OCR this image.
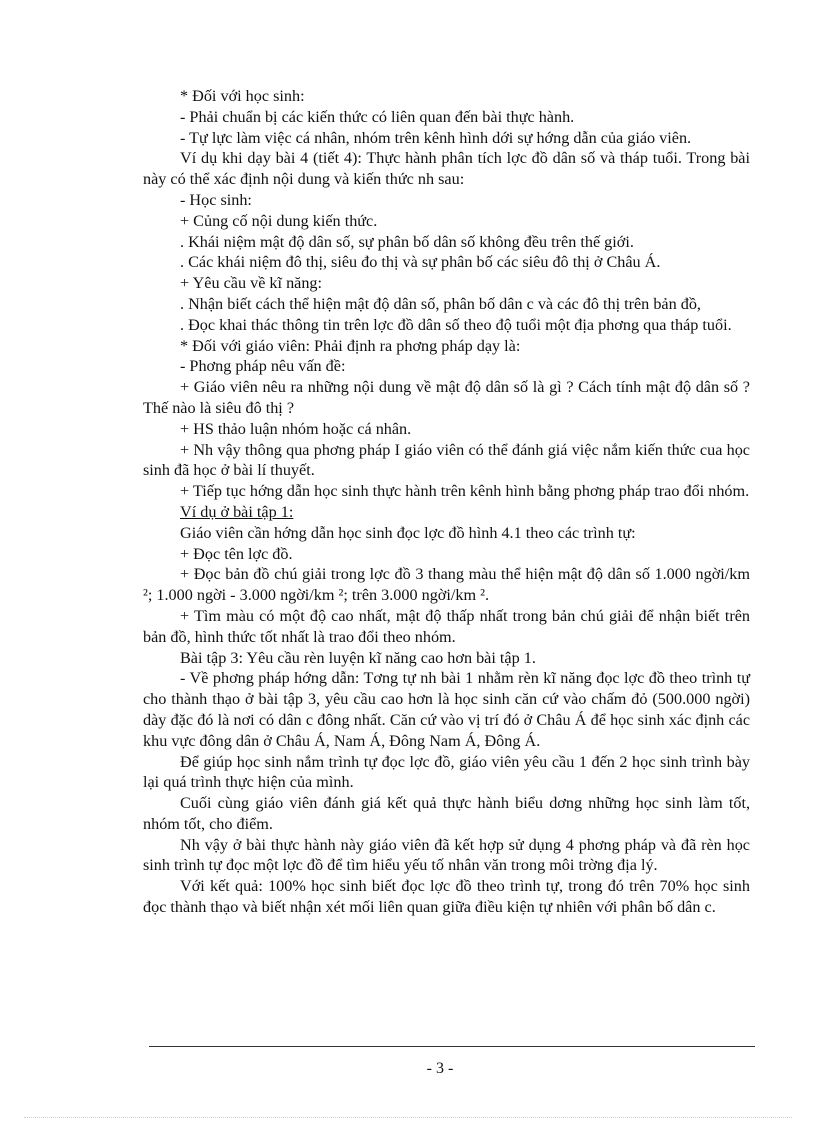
* Đối với học sinh:

- Phải chuẩn bị các kiến thức có liên quan đến bài thực hành.

- Tự lực làm việc cá nhân, nhóm trên kênh hình dới sự hớng dẫn của giáo viên.

Ví dụ khi dạy bài 4 (tiết 4): Thực hành phân tích lợc đồ dân số và tháp tuổi. Trong bài này có thể xác định nội dung và kiến thức nh sau:

- Học sinh:

+ Củng cố nội dung kiến thức.

. Khái niệm mật độ dân số, sự phân bố dân số không đều trên thế giới.

. Các khái niệm đô thị, siêu đo thị và sự phân bố các siêu đô thị ở Châu Á.

+ Yêu cầu về kĩ năng:

. Nhận biết cách thể hiện mật độ dân số, phân bố dân c và các đô thị trên bản đồ,

. Đọc khai thác thông tin trên lợc đồ dân số theo độ tuổi một địa phơng qua tháp tuổi.

* Đối với giáo viên: Phải định ra phơng pháp dạy là:

- Phơng pháp nêu vấn đề:

+ Giáo viên nêu ra những nội dung về mật độ dân số là gì ? Cách tính mật độ dân số ? Thế nào là siêu đô thị ?

+ HS thảo luận nhóm hoặc cá nhân.

+ Nh vậy thông qua phơng pháp I giáo viên có thể đánh giá việc nắm kiến thức cua học sinh đã học ở bài lí thuyết.

+ Tiếp tục hớng dẫn học sinh thực hành trên kênh hình bằng phơng pháp trao đổi nhóm.

Ví dụ ở bài tập 1:

Giáo viên cần hớng dẫn học sinh đọc lợc đồ hình 4.1 theo các trình tự:

+ Đọc tên lợc đồ.

+ Đọc bản đồ chú giải trong lợc đồ 3 thang màu thể hiện mật độ dân số 1.000 ngời/km ²; 1.000 ngời - 3.000 ngời/km ²; trên 3.000 ngời/km ².

+ Tìm màu có một độ cao nhất, mật độ thấp nhất trong bản chú giải để nhận biết trên bản đồ, hình thức tốt nhất là trao đổi theo nhóm.

Bài tập 3: Yêu cầu rèn luyện kĩ năng cao hơn bài tập 1.

- Về phơng pháp hớng dẫn: Tơng tự nh bài 1 nhằm rèn kĩ năng đọc lợc đồ theo trình tự cho thành thạo ở bài tập 3, yêu cầu cao hơn là học sinh căn cứ vào chấm đỏ (500.000 ngời) dày đặc đó là nơi có dân c đông nhất. Căn cứ vào vị trí đó ở Châu Á để học sinh xác định các khu vực đông dân ở Châu Á, Nam Á, Đông Nam Á, Đông Á.

Để giúp học sinh nắm trình tự đọc lợc đồ, giáo viên yêu cầu 1 đến 2 học sinh trình bày lại quá trình thực hiện của mình.

Cuối cùng giáo viên đánh giá kết quả thực hành biểu dơng những học sinh làm tốt, nhóm tốt, cho điểm.

Nh vậy ở bài thực hành này giáo viên đã kết hợp sử dụng 4 phơng pháp và đã rèn học sinh trình tự đọc một lợc đồ để tìm hiểu yếu tố nhân văn trong môi trờng địa lý.

Với kết quả: 100% học sinh biết đọc lợc đồ theo trình tự, trong đó trên 70% học sinh đọc thành thạo và biết nhận xét mối liên quan giữa điều kiện tự nhiên với phân bố dân c.

- 3 -
